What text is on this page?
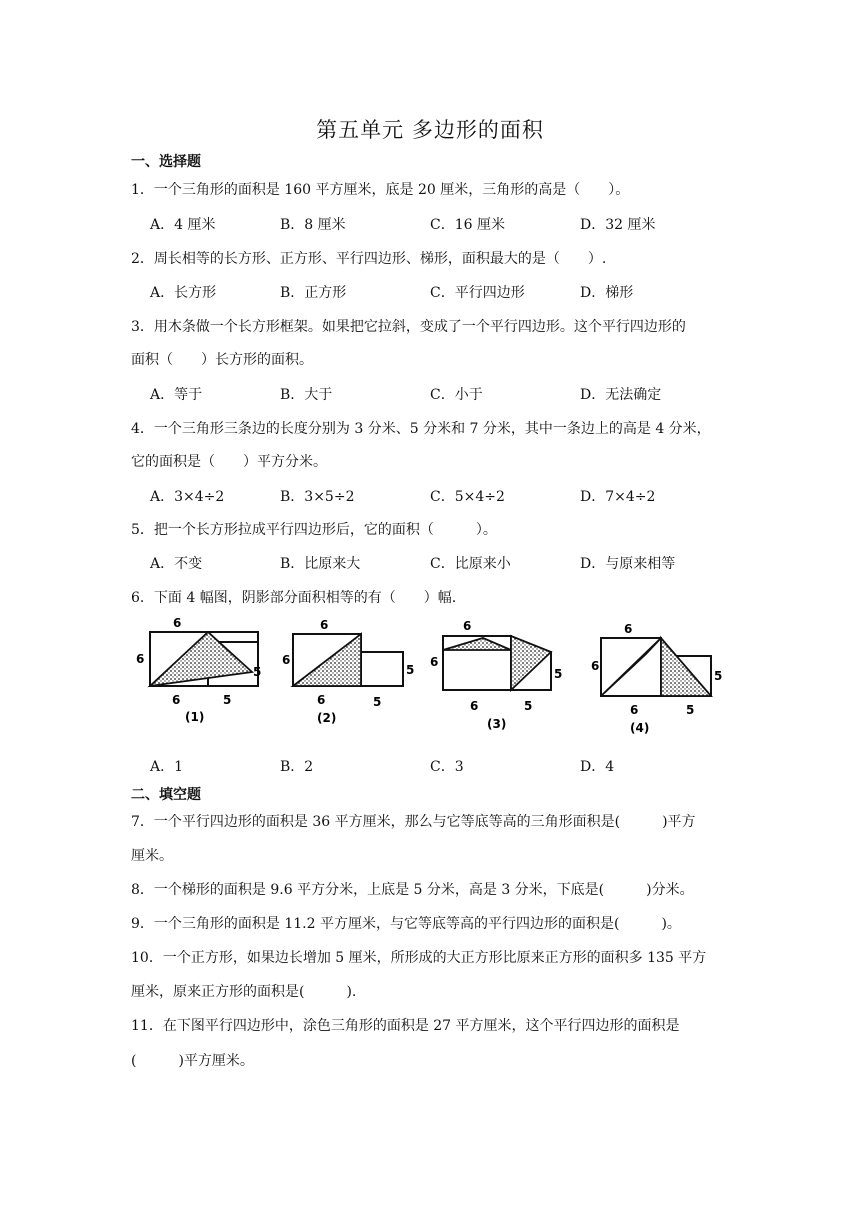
第五单元 多边形的面积
一、选择题
1．一个三角形的面积是 160 平方厘米，底是 20 厘米，三角形的高是（　　）。
A．4 厘米	B．8 厘米	C．16 厘米	D．32 厘米
2．周长相等的长方形、正方形、平行四边形、梯形，面积最大的是（　　）.
A．长方形	B．正方形	C．平行四边形	D．梯形
3．用木条做一个长方形框架。如果把它拉斜，变成了一个平行四边形。这个平行四边形的
面积（　　）长方形的面积。
A．等于	B．大于	C．小于	D．无法确定
4．一个三角形三条边的长度分别为 3 分米、5 分米和 7 分米，其中一条边上的高是 4 分米，
它的面积是（　　）平方分米。
A．3×4÷2	B．3×5÷2	C．5×4÷2	D．7×4÷2
5．把一个长方形拉成平行四边形后，它的面积（　　　）。
A．不变	B．比原来大	C．比原来小	D．与原来相等
6．下面 4 幅图，阴影部分面积相等的有（　　）幅.
6
6
5
6	5
(1)
6
6
5
6	5
(2)
6
6
5
6	5
(3)
6
6
5
6	5
(4)
A．1	B．2	C．3	D．4
二、填空题
7．一个平行四边形的面积是 36 平方厘米，那么与它等底等高的三角形面积是(　　　)平方
厘米。
8．一个梯形的面积是 9.6 平方分米，上底是 5 分米，高是 3 分米，下底是(　　　)分米。
9．一个三角形的面积是 11.2 平方厘米，与它等底等高的平行四边形的面积是(　　　)。
10．一个正方形，如果边长增加 5 厘米，所形成的大正方形比原来正方形的面积多 135 平方
厘米，原来正方形的面积是(　　　).
11．在下图平行四边形中，涂色三角形的面积是 27 平方厘米，这个平行四边形的面积是
(　　　)平方厘米。
